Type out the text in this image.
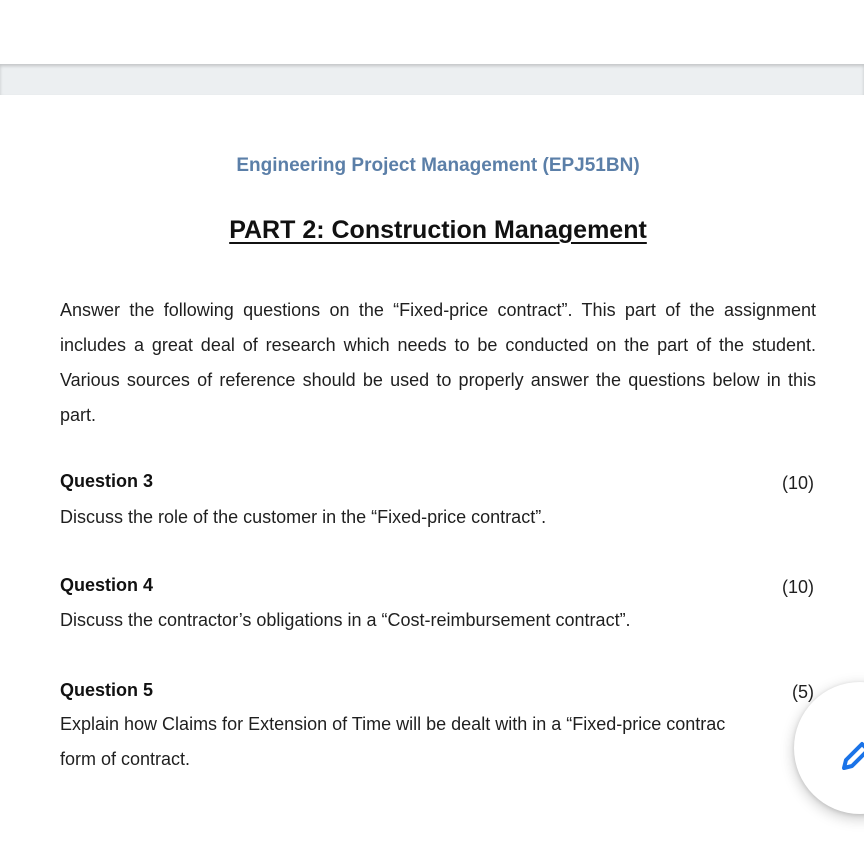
Engineering Project Management (EPJ51BN)
PART 2: Construction Management
Answer the following questions on the “Fixed-price contract”. This part of the assignment includes a great deal of research which needs to be conducted on the part of the student. Various sources of reference should be used to properly answer the questions below in this part.
Question 3	(10)
Discuss the role of the customer in the “Fixed-price contract”.
Question 4	(10)
Discuss the contractor’s obligations in a “Cost-reimbursement contract”.
Question 5	(5)
Explain how Claims for Extension of Time will be dealt with in a “Fixed-price contrac
form of contract.
